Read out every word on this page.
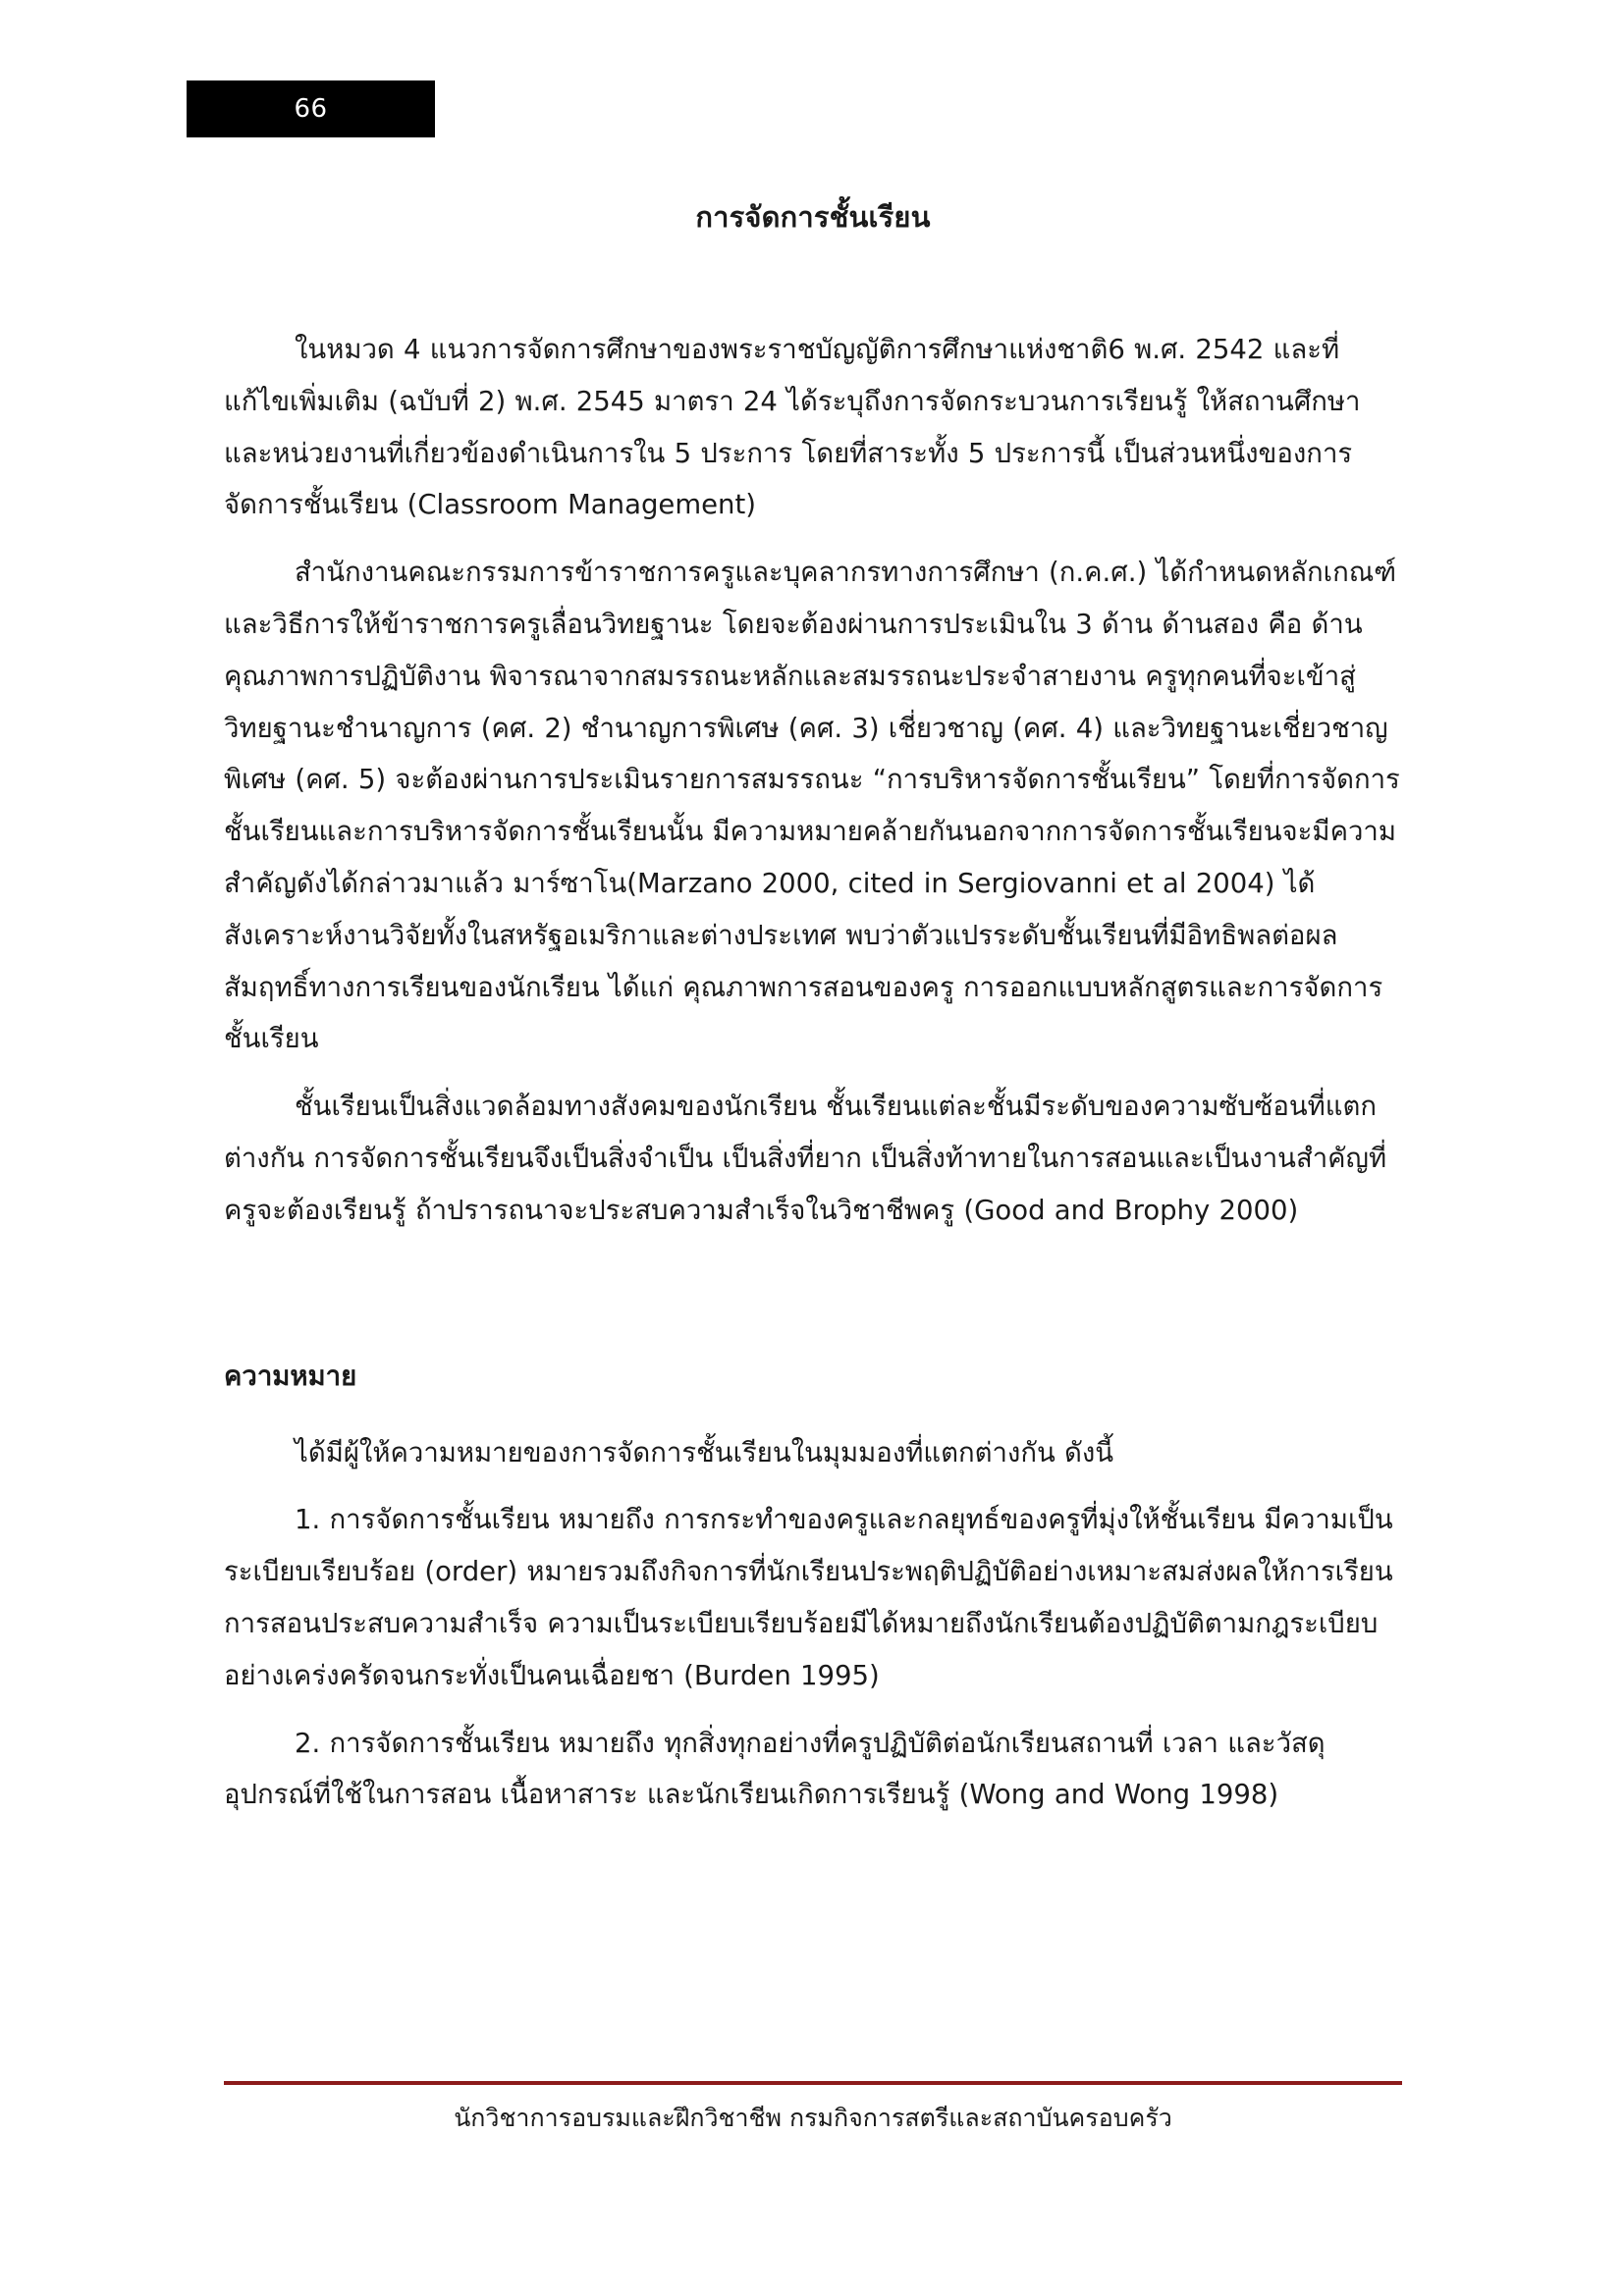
66
การจัดการชั้นเรียน

ในหมวด 4 แนวการจัดการศึกษาของพระราชบัญญัติการศึกษาแห่งชาติ6 พ.ศ. 2542 และที่แก้ไขเพิ่มเติม (ฉบับที่ 2) พ.ศ. 2545 มาตรา 24 ได้ระบุถึงการจัดกระบวนการเรียนรู้ ให้สถานศึกษาและหน่วยงานที่เกี่ยวข้องดำเนินการใน 5 ประการ โดยที่สาระทั้ง 5 ประการนี้ เป็นส่วนหนึ่งของการจัดการชั้นเรียน (Classroom Management)

สำนักงานคณะกรรมการข้าราชการครูและบุคลากรทางการศึกษา (ก.ค.ศ.) ได้กำหนดหลักเกณฑ์และวิธีการให้ข้าราชการครูเลื่อนวิทยฐานะ โดยจะต้องผ่านการประเมินใน 3 ด้าน ด้านสอง คือ ด้านคุณภาพการปฏิบัติงาน พิจารณาจากสมรรถนะหลักและสมรรถนะประจำสายงาน ครูทุกคนที่จะเข้าสู่วิทยฐานะชำนาญการ (คศ. 2) ชำนาญการพิเศษ (คศ. 3) เชี่ยวชาญ (คศ. 4) และวิทยฐานะเชี่ยวชาญพิเศษ (คศ. 5) จะต้องผ่านการประเมินรายการสมรรถนะ “การบริหารจัดการชั้นเรียน” โดยที่การจัดการชั้นเรียนและการบริหารจัดการชั้นเรียนนั้น มีความหมายคล้ายกันนอกจากการจัดการชั้นเรียนจะมีความสำคัญดังได้กล่าวมาแล้ว มาร์ซาโน(Marzano 2000, cited in Sergiovanni et al 2004) ได้สังเคราะห์งานวิจัยทั้งในสหรัฐอเมริกาและต่างประเทศ พบว่าตัวแปรระดับชั้นเรียนที่มีอิทธิพลต่อผลสัมฤทธิ์ทางการเรียนของนักเรียน ได้แก่ คุณภาพการสอนของครู การออกแบบหลักสูตรและการจัดการชั้นเรียน

ชั้นเรียนเป็นสิ่งแวดล้อมทางสังคมของนักเรียน ชั้นเรียนแต่ละชั้นมีระดับของความซับซ้อนที่แตกต่างกัน การจัดการชั้นเรียนจึงเป็นสิ่งจำเป็น เป็นสิ่งที่ยาก เป็นสิ่งท้าทายในการสอนและเป็นงานสำคัญที่ครูจะต้องเรียนรู้ ถ้าปรารถนาจะประสบความสำเร็จในวิชาชีพครู (Good and Brophy 2000)

ความหมาย

ได้มีผู้ให้ความหมายของการจัดการชั้นเรียนในมุมมองที่แตกต่างกัน ดังนี้

1. การจัดการชั้นเรียน หมายถึง การกระทำของครูและกลยุทธ์ของครูที่มุ่งให้ชั้นเรียน มีความเป็นระเบียบเรียบร้อย (order) หมายรวมถึงกิจการที่นักเรียนประพฤติปฏิบัติอย่างเหมาะสมส่งผลให้การเรียนการสอนประสบความสำเร็จ ความเป็นระเบียบเรียบร้อยมีได้หมายถึงนักเรียนต้องปฏิบัติตามกฎระเบียบอย่างเคร่งครัดจนกระทั่งเป็นคนเฉื่อยชา (Burden 1995)

2. การจัดการชั้นเรียน หมายถึง ทุกสิ่งทุกอย่างที่ครูปฏิบัติต่อนักเรียนสถานที่ เวลา และวัสดุอุปกรณ์ที่ใช้ในการสอน เนื้อหาสาระ และนักเรียนเกิดการเรียนรู้ (Wong and Wong 1998)

นักวิชาการอบรมและฝึกวิชาชีพ กรมกิจการสตรีและสถาบันครอบครัว
